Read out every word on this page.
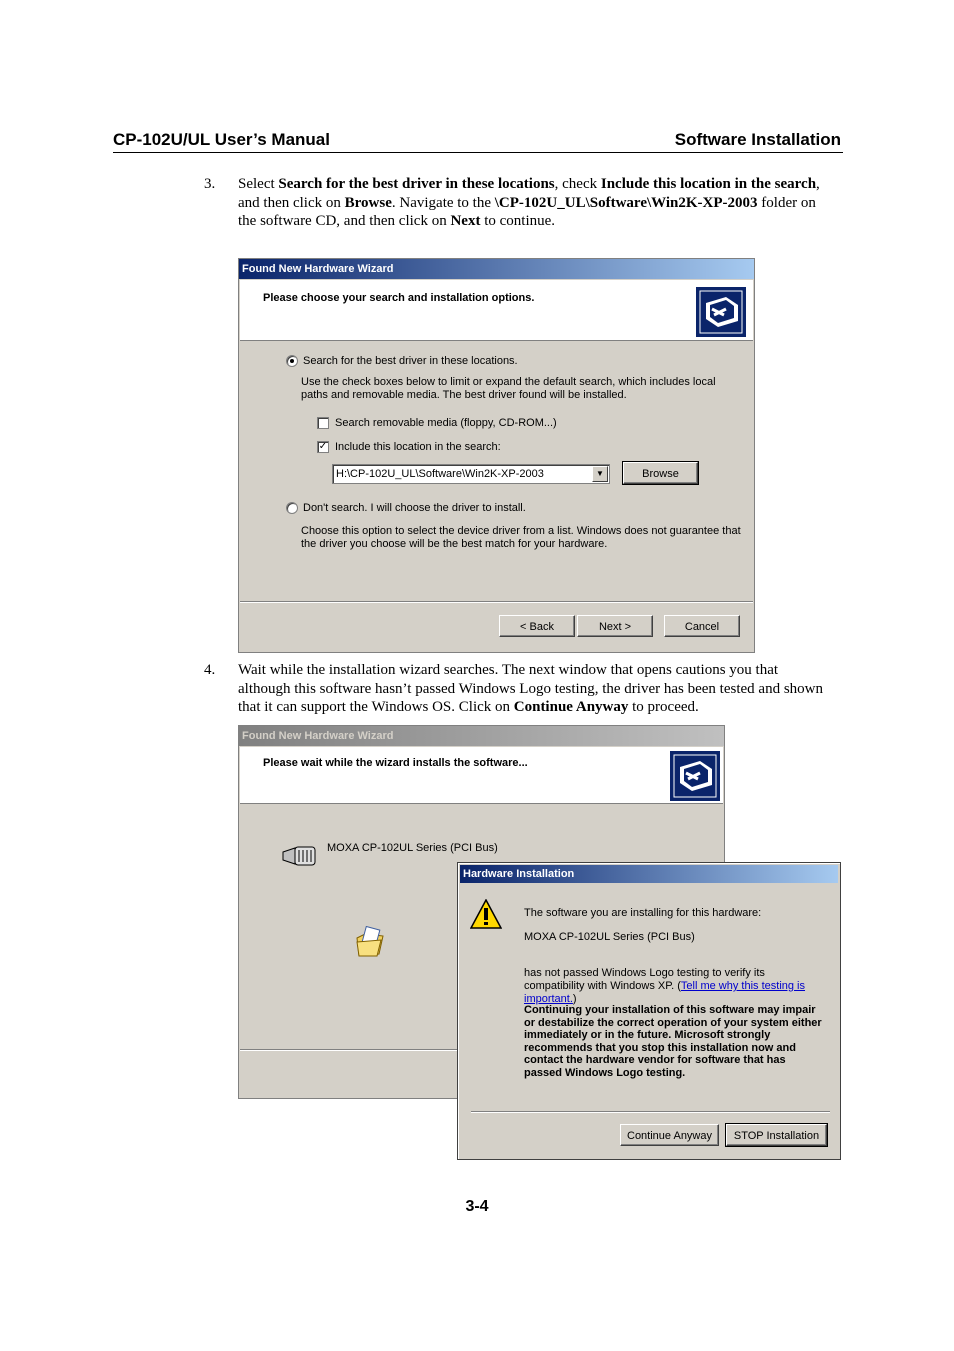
CP-102U/UL User’s Manual	Software Installation
3. Select Search for the best driver in these locations, check Include this location in the search, and then click on Browse. Navigate to the \CP-102U_UL\Software\Win2K-XP-2003 folder on the software CD, and then click on Next to continue.
Found New Hardware Wizard
Please choose your search and installation options.
Search for the best driver in these locations.
Use the check boxes below to limit or expand the default search, which includes local paths and removable media. The best driver found will be installed.
Search removable media (floppy, CD-ROM...)
✓ Include this location in the search:
H:\CP-102U_UL\Software\Win2K-XP-2003	▼	Browse
Don't search. I will choose the driver to install.
Choose this option to select the device driver from a list. Windows does not guarantee that the driver you choose will be the best match for your hardware.
< Back	Next >	Cancel
4. Wait while the installation wizard searches. The next window that opens cautions you that although this software hasn’t passed Windows Logo testing, the driver has been tested and shown that it can support the Windows OS. Click on Continue Anyway to proceed.
Found New Hardware Wizard
Please wait while the wizard installs the software...
MOXA CP-102UL Series (PCI Bus)
Hardware Installation
The software you are installing for this hardware:
MOXA CP-102UL Series (PCI Bus)
has not passed Windows Logo testing to verify its compatibility with Windows XP. (Tell me why this testing is important.)
Continuing your installation of this software may impair or destabilize the correct operation of your system either immediately or in the future. Microsoft strongly recommends that you stop this installation now and contact the hardware vendor for software that has passed Windows Logo testing.
Continue Anyway	STOP Installation
3-4
